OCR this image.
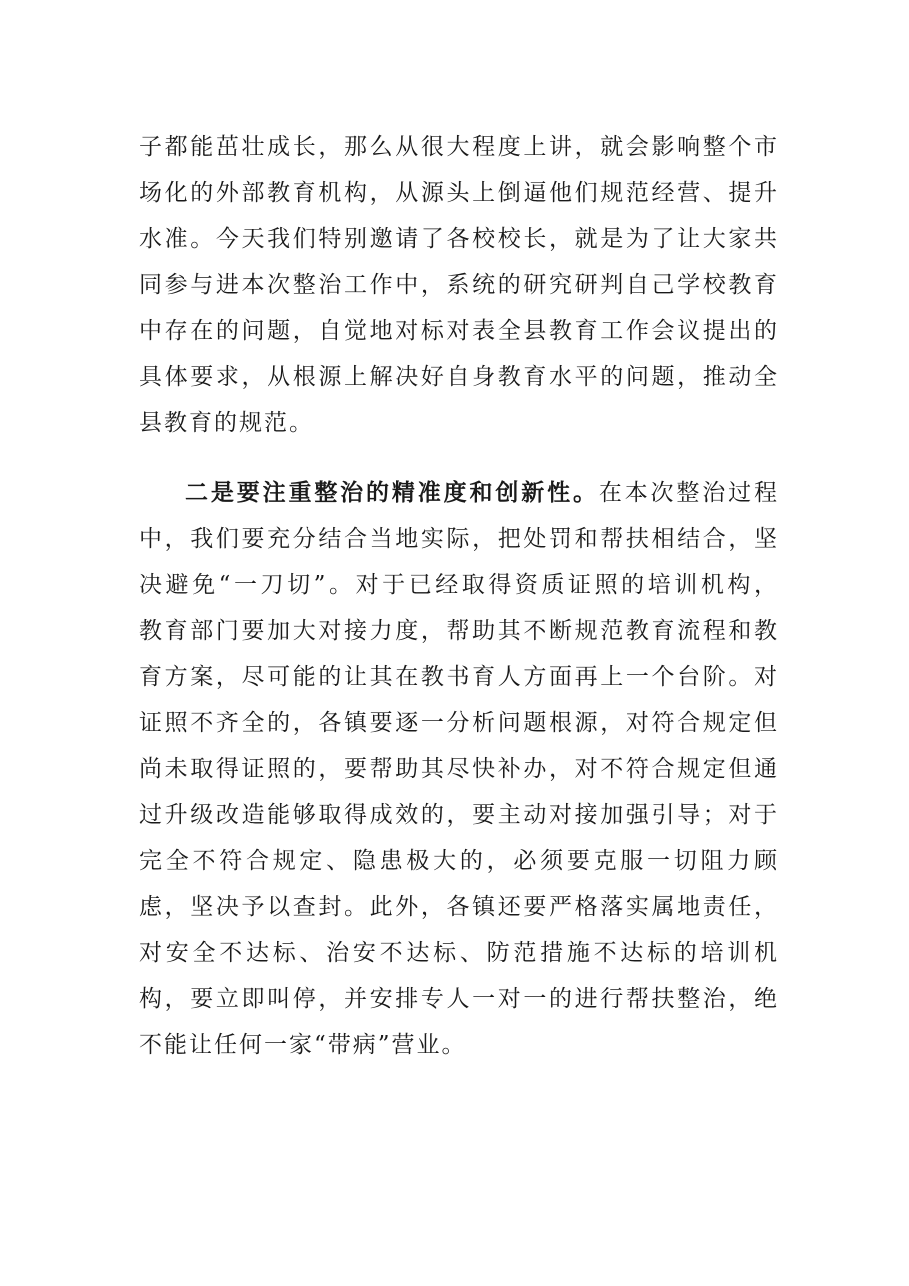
子都能茁壮成长，那么从很大程度上讲，就会影响整个市
场化的外部教育机构，从源头上倒逼他们规范经营、提升
水准。今天我们特别邀请了各校校长，就是为了让大家共
同参与进本次整治工作中，系统的研究研判自己学校教育
中存在的问题，自觉地对标对表全县教育工作会议提出的
具体要求，从根源上解决好自身教育水平的问题，推动全
县教育的规范。
二是要注重整治的精准度和创新性。在本次整治过程
中，我们要充分结合当地实际，把处罚和帮扶相结合，坚
决避免“一刀切”。对于已经取得资质证照的培训机构，
教育部门要加大对接力度，帮助其不断规范教育流程和教
育方案，尽可能的让其在教书育人方面再上一个台阶。对
证照不齐全的，各镇要逐一分析问题根源，对符合规定但
尚未取得证照的，要帮助其尽快补办，对不符合规定但通
过升级改造能够取得成效的，要主动对接加强引导；对于
完全不符合规定、隐患极大的，必须要克服一切阻力顾
虑，坚决予以查封。此外，各镇还要严格落实属地责任，
对安全不达标、治安不达标、防范措施不达标的培训机
构，要立即叫停，并安排专人一对一的进行帮扶整治，绝
不能让任何一家“带病”营业。
